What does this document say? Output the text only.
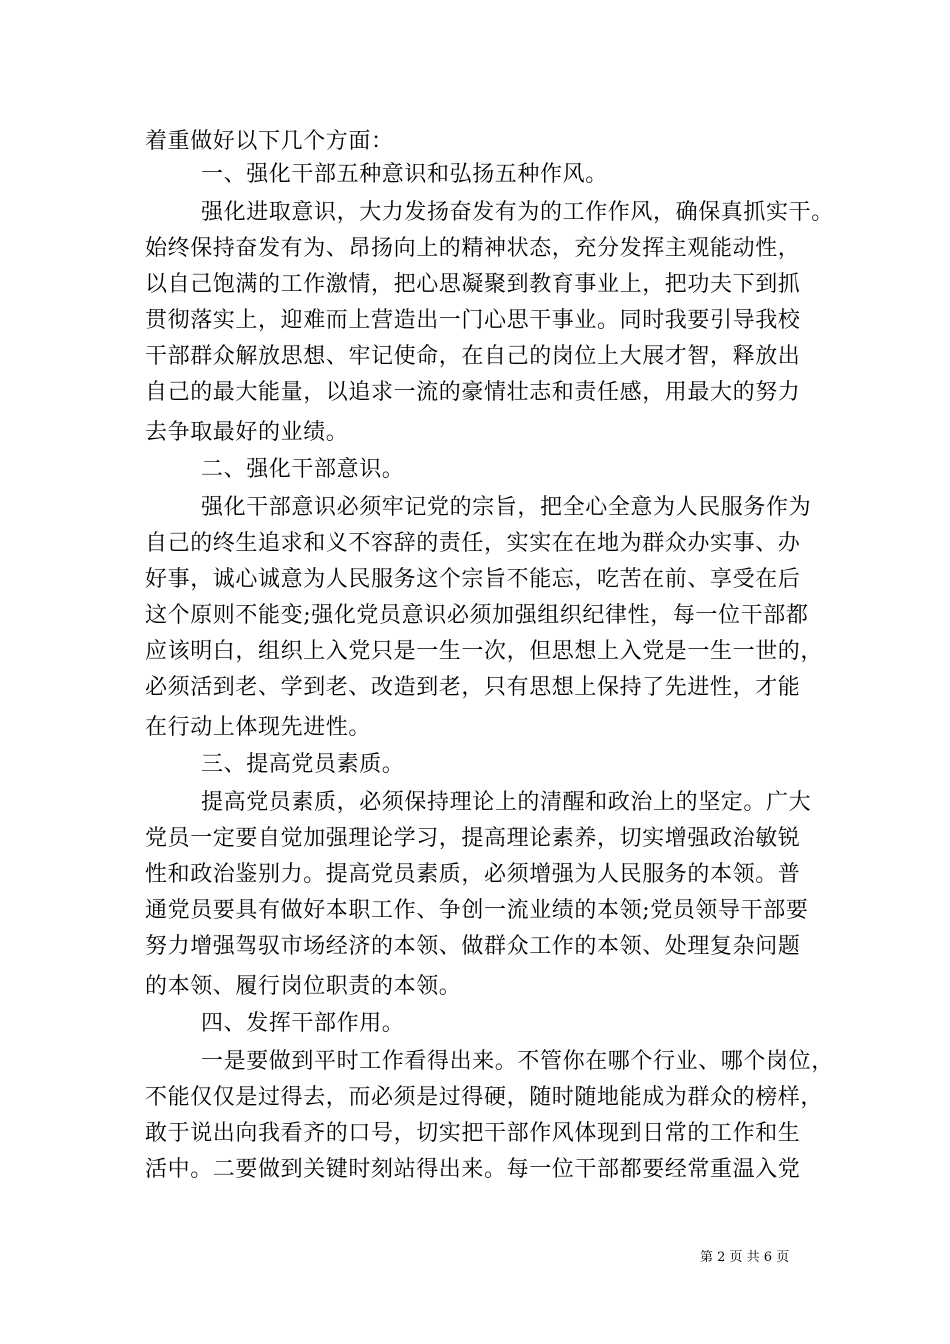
着重做好以下几个方面：
一、强化干部五种意识和弘扬五种作风。
强化进取意识，大力发扬奋发有为的工作作风，确保真抓实干。
始终保持奋发有为、昂扬向上的精神状态，充分发挥主观能动性，
以自己饱满的工作激情，把心思凝聚到教育事业上，把功夫下到抓
贯彻落实上，迎难而上营造出一门心思干事业。同时我要引导我校
干部群众解放思想、牢记使命，在自己的岗位上大展才智，释放出
自己的最大能量，以追求一流的豪情壮志和责任感，用最大的努力
去争取最好的业绩。
二、强化干部意识。
强化干部意识必须牢记党的宗旨，把全心全意为人民服务作为
自己的终生追求和义不容辞的责任，实实在在地为群众办实事、办
好事，诚心诚意为人民服务这个宗旨不能忘，吃苦在前、享受在后
这个原则不能变;强化党员意识必须加强组织纪律性，每一位干部都
应该明白，组织上入党只是一生一次，但思想上入党是一生一世的，
必须活到老、学到老、改造到老，只有思想上保持了先进性，才能
在行动上体现先进性。
三、提高党员素质。
提高党员素质，必须保持理论上的清醒和政治上的坚定。广大
党员一定要自觉加强理论学习，提高理论素养，切实增强政治敏锐
性和政治鉴别力。提高党员素质，必须增强为人民服务的本领。普
通党员要具有做好本职工作、争创一流业绩的本领;党员领导干部要
努力增强驾驭市场经济的本领、做群众工作的本领、处理复杂问题
的本领、履行岗位职责的本领。
四、发挥干部作用。
一是要做到平时工作看得出来。不管你在哪个行业、哪个岗位，
不能仅仅是过得去，而必须是过得硬，随时随地能成为群众的榜样，
敢于说出向我看齐的口号，切实把干部作风体现到日常的工作和生
活中。二要做到关键时刻站得出来。每一位干部都要经常重温入党
第 2 页 共 6 页
